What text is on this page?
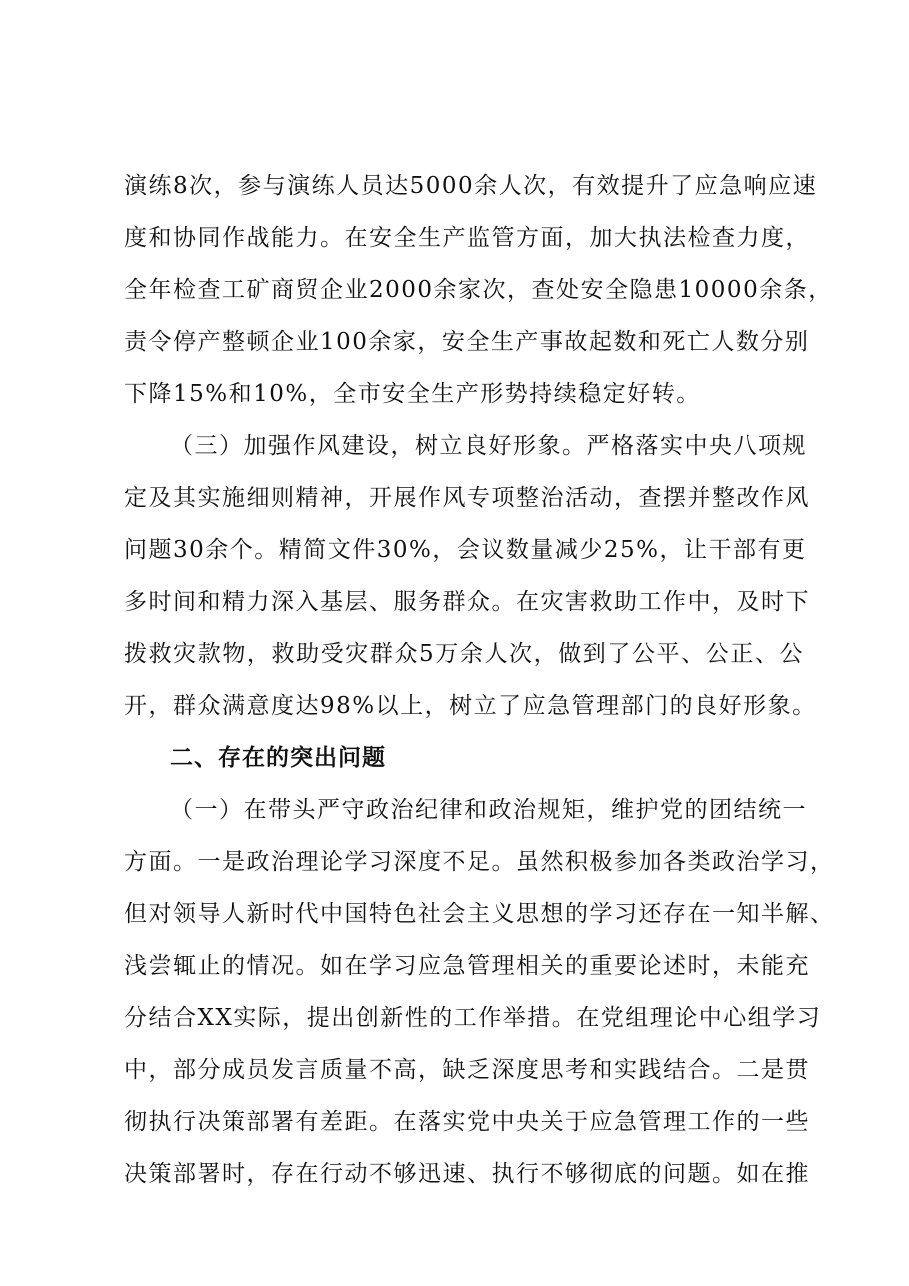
演练8次，参与演练人员达5000余人次，有效提升了应急响应速
度和协同作战能力。在安全生产监管方面，加大执法检查力度，
全年检查工矿商贸企业2000余家次，查处安全隐患10000余条，
责令停产整顿企业100余家，安全生产事故起数和死亡人数分别
下降15%和10%，全市安全生产形势持续稳定好转。
（三）加强作风建设，树立良好形象。严格落实中央八项规
定及其实施细则精神，开展作风专项整治活动，查摆并整改作风
问题30余个。精简文件30%，会议数量减少25%，让干部有更
多时间和精力深入基层、服务群众。在灾害救助工作中，及时下
拨救灾款物，救助受灾群众5万余人次，做到了公平、公正、公
开，群众满意度达98%以上，树立了应急管理部门的良好形象。
二、存在的突出问题
（一）在带头严守政治纪律和政治规矩，维护党的团结统一
方面。一是政治理论学习深度不足。虽然积极参加各类政治学习，
但对领导人新时代中国特色社会主义思想的学习还存在一知半解、
浅尝辄止的情况。如在学习应急管理相关的重要论述时，未能充
分结合XX实际，提出创新性的工作举措。在党组理论中心组学习
中，部分成员发言质量不高，缺乏深度思考和实践结合。二是贯
彻执行决策部署有差距。在落实党中央关于应急管理工作的一些
决策部署时，存在行动不够迅速、执行不够彻底的问题。如在推
